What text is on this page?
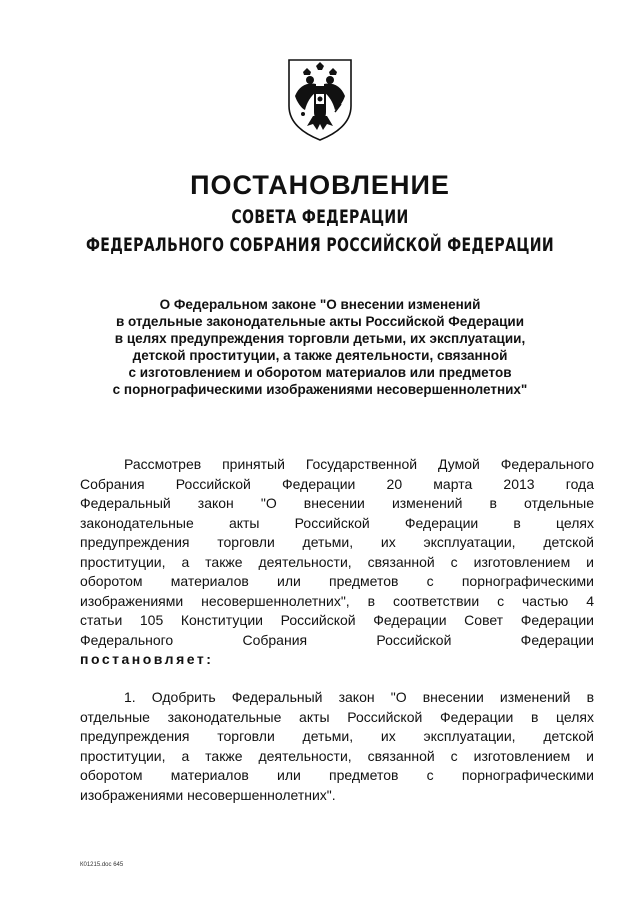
ПОСТАНОВЛЕНИЕ
СОВЕТА ФЕДЕРАЦИИ
ФЕДЕРАЛЬНОГО СОБРАНИЯ РОССИЙСКОЙ ФЕДЕРАЦИИ
О Федеральном законе "О внесении изменений
в отдельные законодательные акты Российской Федерации
в целях предупреждения торговли детьми, их эксплуатации,
детской проституции, а также деятельности, связанной
с изготовлением и оборотом материалов или предметов
с порнографическими изображениями несовершеннолетних"
Рассмотрев принятый Государственной Думой Федерального
Собрания Российской Федерации 20 марта 2013 года
Федеральный закон "О внесении изменений в отдельные
законодательные акты Российской Федерации в целях
предупреждения торговли детьми, их эксплуатации, детской
проституции, а также деятельности, связанной с изготовлением и
оборотом материалов или предметов с порнографическими
изображениями несовершеннолетних", в соответствии с частью 4
статьи 105 Конституции Российской Федерации Совет Федерации
Федерального Собрания Российской Федерации
постановляет:
1. Одобрить Федеральный закон "О внесении изменений в
отдельные законодательные акты Российской Федерации в целях
предупреждения торговли детьми, их эксплуатации, детской
проституции, а также деятельности, связанной с изготовлением и
оборотом материалов или предметов с порнографическими
изображениями несовершеннолетних".
К01215.doc 645
